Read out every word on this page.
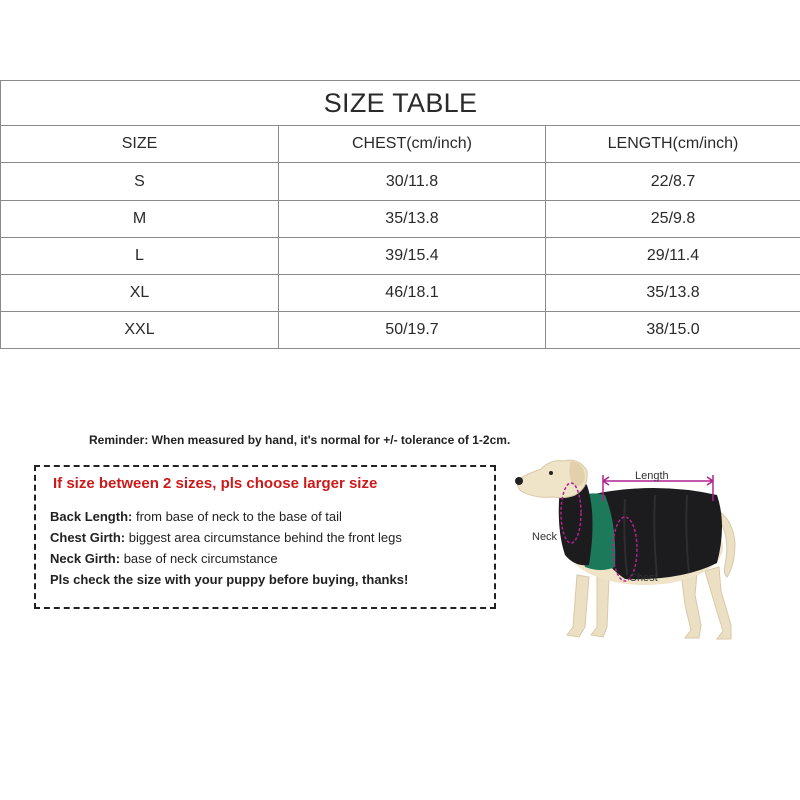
SIZE TABLE		
SIZE	CHEST(cm/inch)	LENGTH(cm/inch)
S	30/11.8	22/8.7
M	35/13.8	25/9.8
L	39/15.4	29/11.4
XL	46/18.1	35/13.8
XXL	50/19.7	38/15.0
Reminder: When measured by hand, it's normal for +/- tolerance of 1-2cm.
If size between 2 sizes, pls choose larger size
Back Length: from base of neck to the base of tail
Chest Girth: biggest area circumstance behind the front legs
Neck Girth: base of neck circumstance
Pls check the size with your puppy before buying, thanks!
Length
Neck
Chest
